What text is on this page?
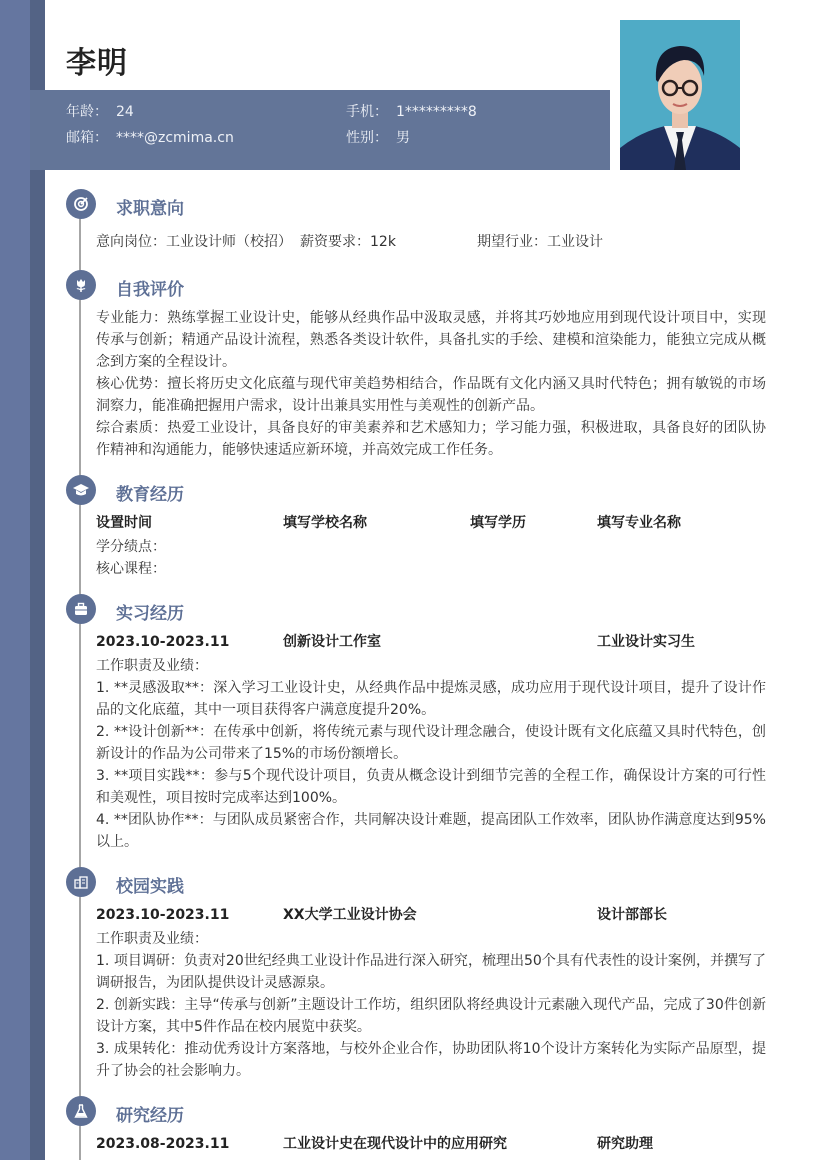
李明
年龄： 24	手机： 1*********8
邮箱： ****@zcmima.cn	性别： 男
求职意向
意向岗位：工业设计师（校招） 薪资要求：12k	期望行业：工业设计
自我评价
专业能力：熟练掌握工业设计史，能够从经典作品中汲取灵感，并将其巧妙地应用到现代设计项目中，实现传承与创新；精通产品设计流程，熟悉各类设计软件，具备扎实的手绘、建模和渲染能力，能独立完成从概念到方案的全程设计。
核心优势：擅长将历史文化底蕴与现代审美趋势相结合，作品既有文化内涵又具时代特色；拥有敏锐的市场洞察力，能准确把握用户需求，设计出兼具实用性与美观性的创新产品。
综合素质：热爱工业设计，具备良好的审美素养和艺术感知力；学习能力强，积极进取，具备良好的团队协作精神和沟通能力，能够快速适应新环境，并高效完成工作任务。
教育经历
设置时间	填写学校名称	填写学历	填写专业名称
学分绩点：
核心课程：
实习经历
2023.10-2023.11	创新设计工作室	工业设计实习生
工作职责及业绩：
1. **灵感汲取**：深入学习工业设计史，从经典作品中提炼灵感，成功应用于现代设计项目，提升了设计作品的文化底蕴，其中一项目获得客户满意度提升20%。
2. **设计创新**：在传承中创新，将传统元素与现代设计理念融合，使设计既有文化底蕴又具时代特色，创新设计的作品为公司带来了15%的市场份额增长。
3. **项目实践**：参与5个现代设计项目，负责从概念设计到细节完善的全程工作，确保设计方案的可行性和美观性，项目按时完成率达到100%。
4. **团队协作**：与团队成员紧密合作，共同解决设计难题，提高团队工作效率，团队协作满意度达到95%以上。
校园实践
2023.10-2023.11	XX大学工业设计协会	设计部部长
工作职责及业绩：
1. 项目调研：负责对20世纪经典工业设计作品进行深入研究，梳理出50个具有代表性的设计案例，并撰写了调研报告，为团队提供设计灵感源泉。
2. 创新实践：主导“传承与创新”主题设计工作坊，组织团队将经典设计元素融入现代产品，完成了30件创新设计方案，其中5件作品在校内展览中获奖。
3. 成果转化：推动优秀设计方案落地，与校外企业合作，协助团队将10个设计方案转化为实际产品原型，提升了协会的社会影响力。
研究经历
2023.08-2023.11	工业设计史在现代设计中的应用研究	研究助理
